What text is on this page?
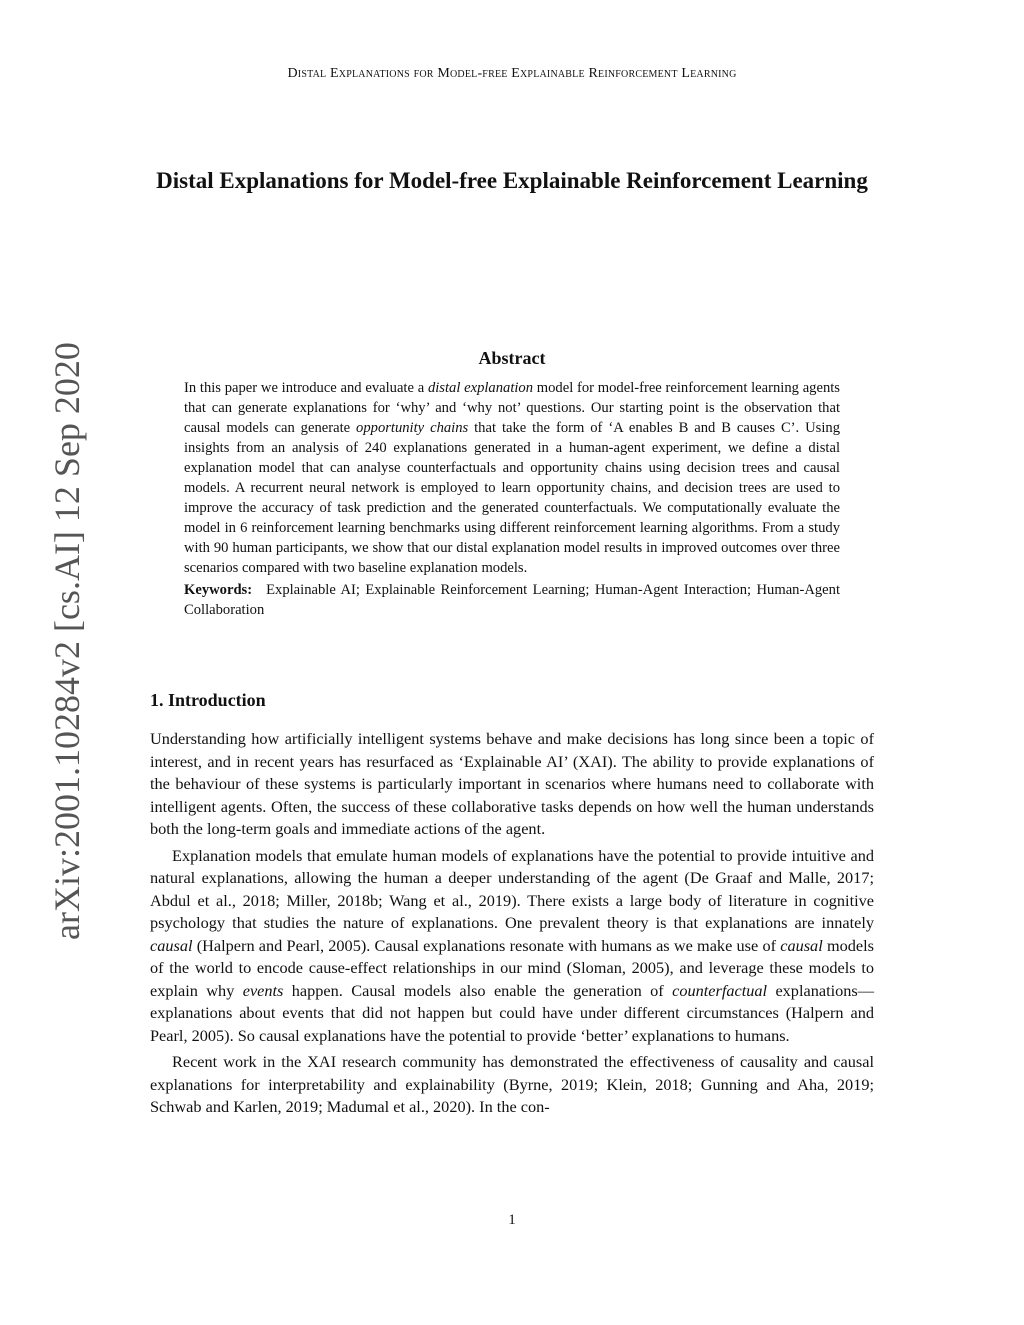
Distal Explanations for Model-free Explainable Reinforcement Learning
arXiv:2001.10284v2 [cs.AI] 12 Sep 2020
Distal Explanations for Model-free Explainable Reinforcement Learning
Abstract

In this paper we introduce and evaluate a distal explanation model for model-free reinforcement learning agents that can generate explanations for ‘why’ and ‘why not’ questions. Our starting point is the observation that causal models can generate opportunity chains that take the form of ‘A enables B and B causes C’. Using insights from an analysis of 240 explanations generated in a human-agent experiment, we define a distal explanation model that can analyse counterfactuals and opportunity chains using decision trees and causal models. A recurrent neural network is employed to learn opportunity chains, and decision trees are used to improve the accuracy of task prediction and the generated counterfactuals. We computationally evaluate the model in 6 reinforcement learning benchmarks using different reinforcement learning algorithms. From a study with 90 human participants, we show that our distal explanation model results in improved outcomes over three scenarios compared with two baseline explanation models.

Keywords: Explainable AI; Explainable Reinforcement Learning; Human-Agent Interaction; Human-Agent Collaboration

1. Introduction

Understanding how artificially intelligent systems behave and make decisions has long since been a topic of interest, and in recent years has resurfaced as ‘Explainable AI’ (XAI). The ability to provide explanations of the behaviour of these systems is particularly important in scenarios where humans need to collaborate with intelligent agents. Often, the success of these collaborative tasks depends on how well the human understands both the long-term goals and immediate actions of the agent.

Explanation models that emulate human models of explanations have the potential to provide intuitive and natural explanations, allowing the human a deeper understanding of the agent (De Graaf and Malle, 2017; Abdul et al., 2018; Miller, 2018b; Wang et al., 2019). There exists a large body of literature in cognitive psychology that studies the nature of explanations. One prevalent theory is that explanations are innately causal (Halpern and Pearl, 2005). Causal explanations resonate with humans as we make use of causal models of the world to encode cause-effect relationships in our mind (Sloman, 2005), and leverage these models to explain why events happen. Causal models also enable the generation of counterfactual explanations—explanations about events that did not happen but could have under different circumstances (Halpern and Pearl, 2005). So causal explanations have the potential to provide ‘better’ explanations to humans.

Recent work in the XAI research community has demonstrated the effectiveness of causality and causal explanations for interpretability and explainability (Byrne, 2019; Klein, 2018; Gunning and Aha, 2019; Schwab and Karlen, 2019; Madumal et al., 2020). In the con-

1
